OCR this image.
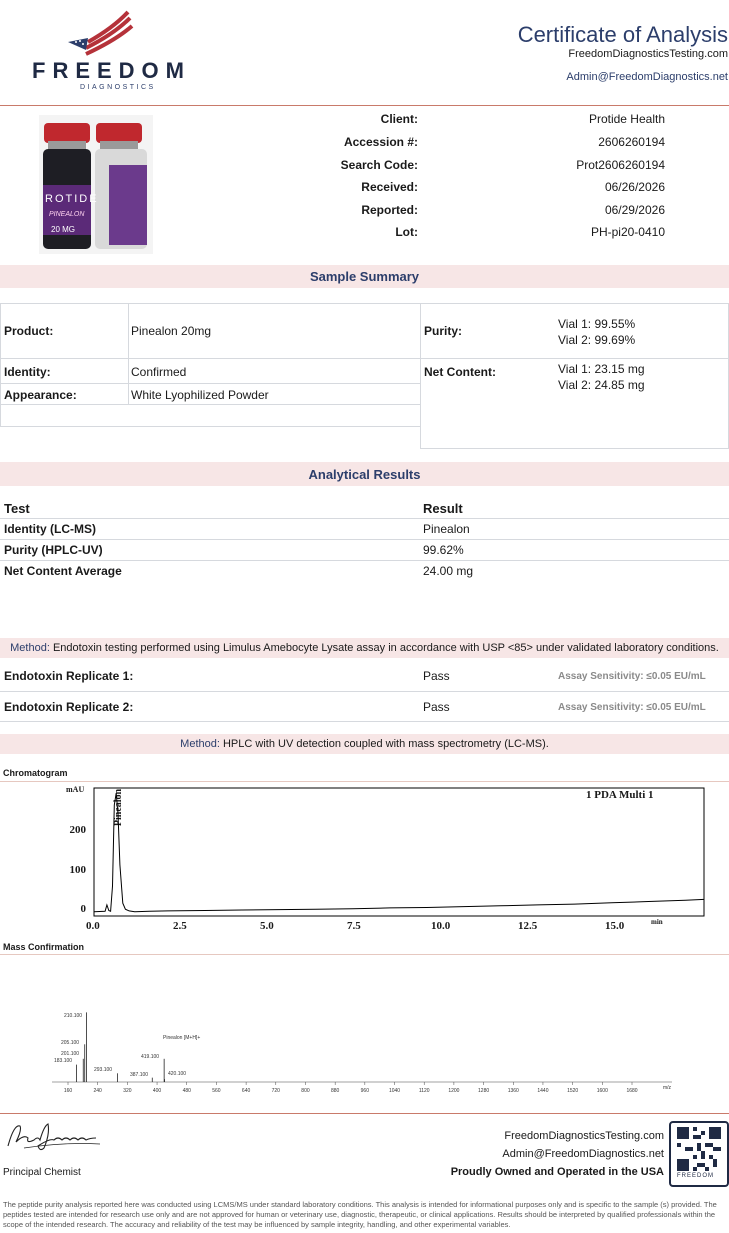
FREEDOM
DIAGNOSTICS
Certificate of Analysis
FreedomDiagnosticsTesting.com
Admin@FreedomDiagnostics.net
ROTIDE
PINEALON
20 MG
Client:	Protide Health
Accession #:	2606260194
Search Code:	Prot2606260194
Received:	06/26/2026
Reported:	06/29/2026
Lot:	PH-pi20-0410
Sample Summary
Product:	Pinealon 20mg
Identity:	Confirmed
Appearance:	White Lyophilized Powder
Purity:	Vial 1: 99.55%
Vial 2: 99.69%
Net Content:	Vial 1: 23.15 mg
Vial 2: 24.85 mg
Analytical Results
Test	Result
Identity (LC-MS)	Pinealon
Purity (HPLC-UV)	99.62%
Net Content Average	24.00 mg
Method: Endotoxin testing performed using Limulus Amebocyte Lysate assay in accordance with USP <85> under validated laboratory conditions.
Endotoxin Replicate 1:	Pass	Assay Sensitivity: ≤0.05 EU/mL
Endotoxin Replicate 2:	Pass	Assay Sensitivity: ≤0.05 EU/mL
Method: HPLC with UV detection coupled with mass spectrometry (LC-MS).
Chromatogram
mAU	1 PDA Multi 1
min
Pinealon
0
100
200
0.0	2.5	5.0	7.5	10.0	12.5	15.0
Mass Confirmation
160	240	320	400	480	560	640	720	800	880	960	1040	1120	1200	1280	1360	1440	1520	1600	1680
210.100
205.100
201.100
183.100
293.100
387.100
419.100
420.100
Pinealon [M+H]+
m/z
Principal Chemist
FreedomDiagnosticsTesting.com
Admin@FreedomDiagnostics.net
Proudly Owned and Operated in the USA FREEDOM
The peptide purity analysis reported here was conducted using LCMS/MS under standard laboratory conditions. This analysis is intended for informational purposes only and is specific to the sample (s) provided. The peptides tested are intended for research use only and are not approved for human or veterinary use, diagnostic, therapeutic, or clinical applications. Results should be interpreted by qualified professionals within the scope of the intended research. The accuracy and reliability of the test may be influenced by sample integrity, handling, and other experimental variables.
